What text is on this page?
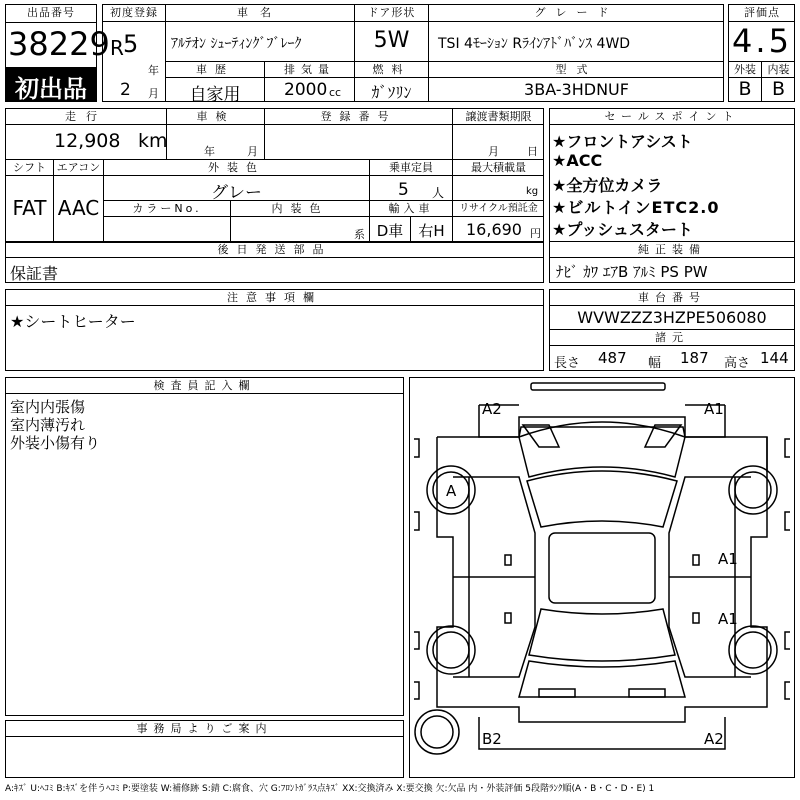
出品番号
38229
初出品
初度登録
R 5
年
2 月
車名
ｱﾙﾃｵﾝ ｼｭｰﾃｨﾝｸﾞﾌﾞﾚｰｸ
ドア形状
5W
グレード
TSI 4ﾓｰｼｮﾝ Rﾗｲﾝｱﾄﾞﾊﾞﾝｽ 4WD
車歴
自家用
排気量
2000 cc
燃料
ｶﾞｿﾘﾝ
型式
3BA-3HDNUF
評価点
4.5
外装	内装
B	B
走行
12,908 km
車検
年	月
登録番号	譲渡書類期限
月	日
シフト
FAT
エアコン
AAC
外装色
グレー
乗車定員
5 人
最大積載量
kg
カラーNo.	内装色
系
輸入車
D車	右H
リサイクル預託金
16,690 円
後日発送部品
保証書
注意事項欄
★シートヒーター
セールスポイント
★フロントアシスト
★ACC
★全方位カメラ
★ビルトインETC2.0
★プッシュスタート
純正装備
ﾅﾋﾞ ｶﾜ ｴｱB ｱﾙﾐ PS PW
車台番号
WVWZZZ3HZPE506080
諸元
長さ 487 幅 187 高さ 144
検査員記入欄
室内内張傷
室内薄汚れ
外装小傷有り
事務局よりご案内
A2	A1
A
A1
A1
B2	A2
A:ｷｽﾞ U:ﾍｺﾐ B:ｷｽﾞを伴うﾍｺﾐ P:要塗装 W:補修跡 S:錆 C:腐食、穴 G:ﾌﾛﾝﾄｶﾞﾗｽ点ｷｽﾞ XX:交換済み X:要交換 欠:欠品 内・外装評価 5段階ﾗﾝｸ順(A・B・C・D・E) 1
